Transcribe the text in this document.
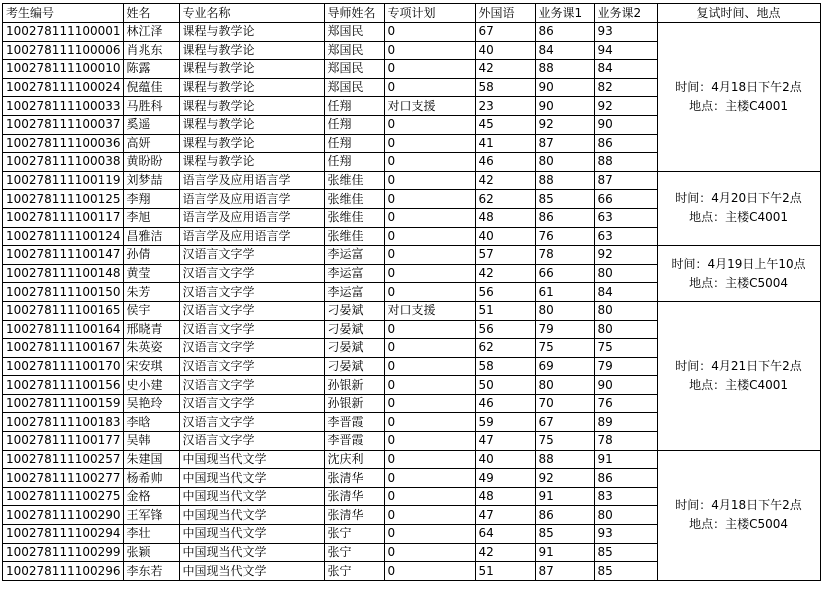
考生编号	姓名	专业名称	导师姓名	专项计划	外国语	业务课1	业务课2	复试时间、地点
100278111100001	林江泽	课程与教学论	郑国民	0	67	86	93	时间：4月18日下午2点
地点：主楼C4001

100278111100006	肖兆东	课程与教学论	郑国民	0	40	84	94	
100278111100010	陈露	课程与教学论	郑国民	0	42	88	84	
100278111100024	倪蕴佳	课程与教学论	郑国民	0	58	90	82	
100278111100033	马胜科	课程与教学论	任翔	对口支援	23	90	92	
100278111100037	奚遥	课程与教学论	任翔	0	45	92	90	
100278111100036	高妍	课程与教学论	任翔	0	41	87	86	
100278111100038	黄盼盼	课程与教学论	任翔	0	46	80	88	
100278111100119	刘梦喆	语言学及应用语言学	张维佳	0	42	88	87	时间：4月20日下午2点
地点：主楼C4001

100278111100125	李翔	语言学及应用语言学	张维佳	0	62	85	66	
100278111100117	李旭	语言学及应用语言学	张维佳	0	48	86	63	
100278111100124	昌雅洁	语言学及应用语言学	张维佳	0	40	76	63	
100278111100147	孙倩	汉语言文字学	李运富	0	57	78	92	时间：4月19日上午10点
地点：主楼C5004

100278111100148	黄莹	汉语言文字学	李运富	0	42	66	80	
100278111100150	朱芳	汉语言文字学	李运富	0	56	61	84	
100278111100165	侯宇	汉语言文字学	刁晏斌	对口支援	51	80	80	时间：4月21日下午2点
地点：主楼C4001

100278111100164	邢晓青	汉语言文字学	刁晏斌	0	56	79	80	
100278111100167	朱英姿	汉语言文字学	刁晏斌	0	62	75	75	
100278111100170	宋安琪	汉语言文字学	刁晏斌	0	58	69	79	
100278111100156	史小建	汉语言文字学	孙银新	0	50	80	90	
100278111100159	吴艳玲	汉语言文字学	孙银新	0	46	70	76	
100278111100183	李晗	汉语言文字学	李晋霞	0	59	67	89	
100278111100177	吴韩	汉语言文字学	李晋霞	0	47	75	78	
100278111100257	朱建国	中国现当代文学	沈庆利	0	40	88	91	时间：4月18日下午2点
地点：主楼C5004

100278111100277	杨希帅	中国现当代文学	张清华	0	49	92	86	
100278111100275	金格	中国现当代文学	张清华	0	48	91	83	
100278111100290	王军锋	中国现当代文学	张清华	0	47	86	80	
100278111100294	李壮	中国现当代文学	张宁	0	64	85	93	
100278111100299	张颖	中国现当代文学	张宁	0	42	91	85	
100278111100296	李东若	中国现当代文学	张宁	0	51	87	85	
